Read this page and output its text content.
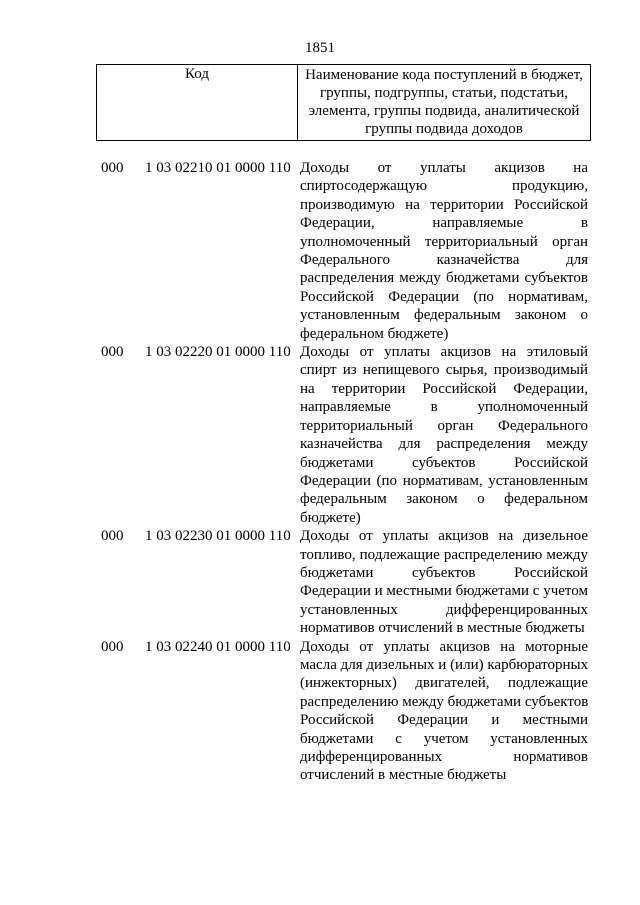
1851
Код	Наименование кода поступлений в бюджет,
группы, подгруппы, статьи, подстатьи,
элемента, группы подвида, аналитической
группы подвида доходов
000 1 03 02210 01 0000 110 Доходы от уплаты акцизов на
спиртосодержащую продукцию,
производимую на территории Российской
Федерации, направляемые в
уполномоченный территориальный орган
Федерального казначейства для
распределения между бюджетами субъектов
Российской Федерации (по нормативам,
установленным федеральным законом о
федеральном бюджете)
000 1 03 02220 01 0000 110 Доходы от уплаты акцизов на этиловый
спирт из непищевого сырья, производимый
на территории Российской Федерации,
направляемые в уполномоченный
территориальный орган Федерального
казначейства для распределения между
бюджетами субъектов Российской
Федерации (по нормативам, установленным
федеральным законом о федеральном
бюджете)
000 1 03 02230 01 0000 110 Доходы от уплаты акцизов на дизельное
топливо, подлежащие распределению между
бюджетами субъектов Российской
Федерации и местными бюджетами с учетом
установленных дифференцированных
нормативов отчислений в местные бюджеты
000 1 03 02240 01 0000 110 Доходы от уплаты акцизов на моторные
масла для дизельных и (или) карбюраторных
(инжекторных) двигателей, подлежащие
распределению между бюджетами субъектов
Российской Федерации и местными
бюджетами с учетом установленных
дифференцированных нормативов
отчислений в местные бюджеты
